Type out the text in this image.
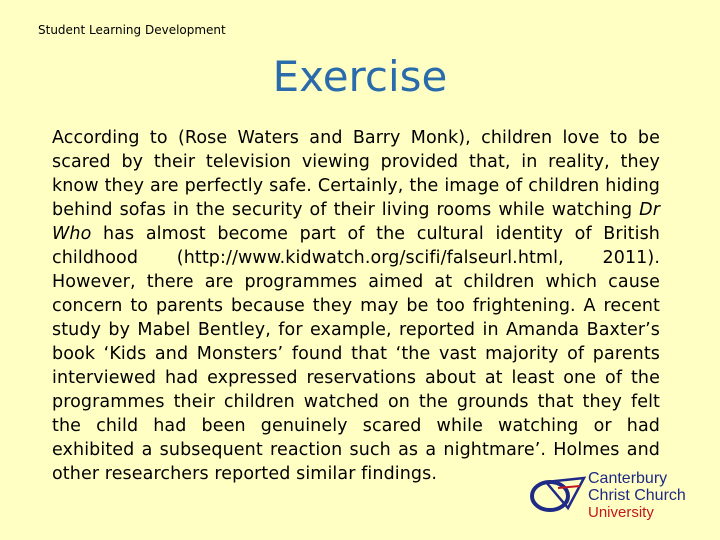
Student Learning Development
Exercise
According to (Rose Waters and Barry Monk), children love to be scared by their television viewing provided that, in reality, they know they are perfectly safe. Certainly, the image of children hiding behind sofas in the security of their living rooms while watching Dr Who has almost become part of the cultural identity of British childhood (http://www.kidwatch.org/scifi/falseurl.html, 2011). However, there are programmes aimed at children which cause concern to parents because they may be too frightening. A recent study by Mabel Bentley, for example, reported in Amanda Baxter’s book ‘Kids and Monsters’ found that ‘the vast majority of parents interviewed had expressed reservations about at least one of the programmes their children watched on the grounds that they felt the child had been genuinely scared while watching or had exhibited a subsequent reaction such as a nightmare’. Holmes and other researchers reported similar findings.	Canterbury
Christ Church
University
